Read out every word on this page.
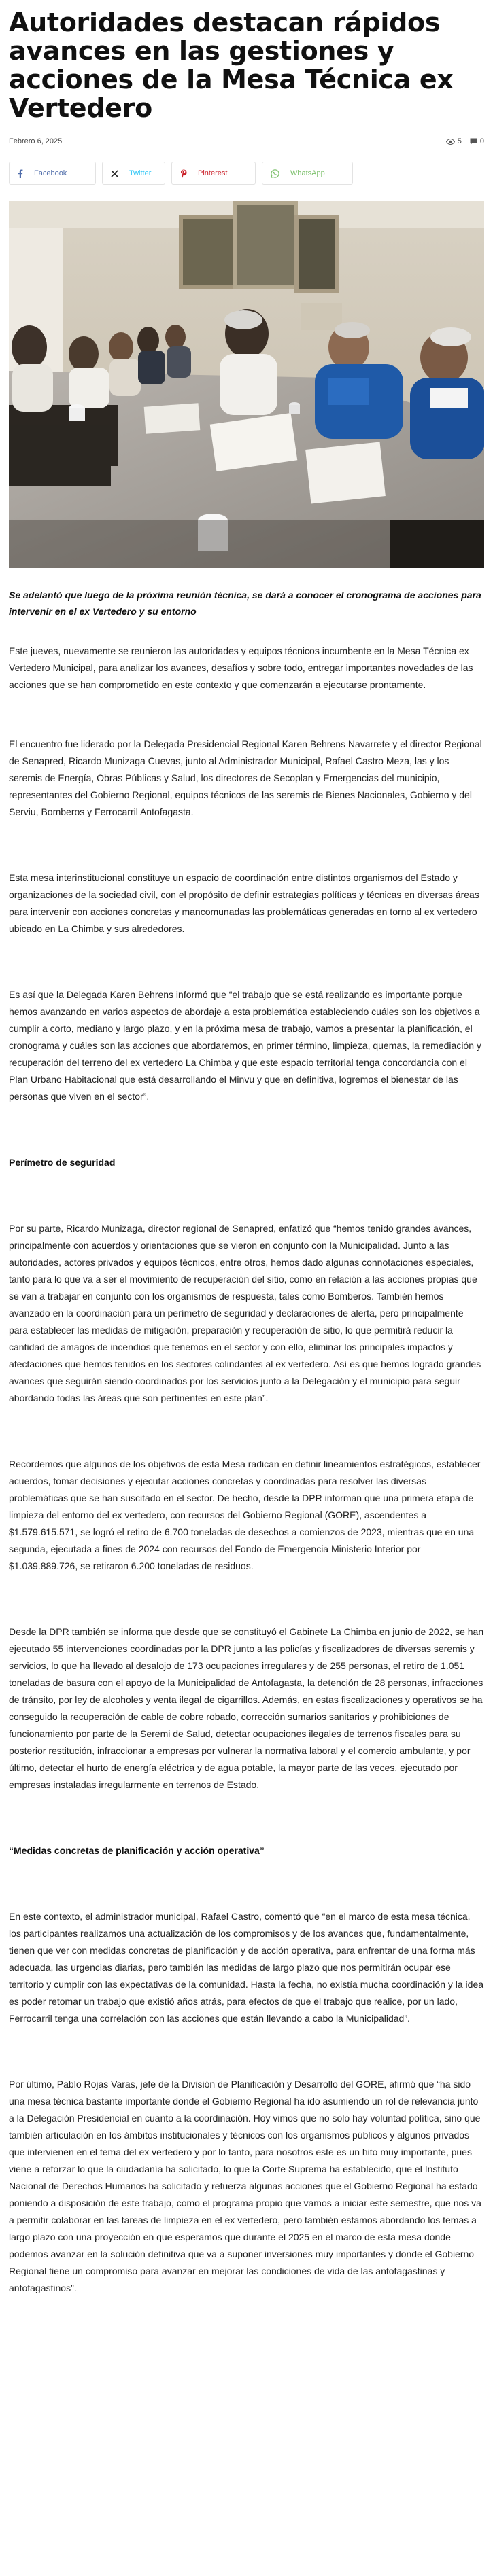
Autoridades destacan rápidos avances en las gestiones y acciones de la Mesa Técnica ex Vertedero
Febrero 6, 2025	5 0
Facebook	Twitter	Pinterest	WhatsApp

Se adelantó que luego de la próxima reunión técnica, se dará a conocer el cronograma de acciones para intervenir en el ex Vertedero y su entorno

Este jueves, nuevamente se reunieron las autoridades y equipos técnicos incumbente en la Mesa Técnica ex Vertedero Municipal, para analizar los avances, desafíos y sobre todo, entregar importantes novedades de las acciones que se han comprometido en este contexto y que comenzarán a ejecutarse prontamente.

El encuentro fue liderado por la Delegada Presidencial Regional Karen Behrens Navarrete y el director Regional de Senapred, Ricardo Munizaga Cuevas, junto al Administrador Municipal, Rafael Castro Meza, las y los seremis de Energía, Obras Públicas y Salud, los directores de Secoplan y Emergencias del municipio, representantes del Gobierno Regional, equipos técnicos de las seremis de Bienes Nacionales, Gobierno y del Serviu, Bomberos y Ferrocarril Antofagasta.

Esta mesa interinstitucional constituye un espacio de coordinación entre distintos organismos del Estado y organizaciones de la sociedad civil, con el propósito de definir estrategias políticas y técnicas en diversas áreas para intervenir con acciones concretas y mancomunadas las problemáticas generadas en torno al ex vertedero ubicado en La Chimba y sus alrededores.

Es así que la Delegada Karen Behrens informó que “el trabajo que se está realizando es importante porque hemos avanzando en varios aspectos de abordaje a esta problemática estableciendo cuáles son los objetivos a cumplir a corto, mediano y largo plazo, y en la próxima mesa de trabajo, vamos a presentar la planificación, el cronograma y cuáles son las acciones que abordaremos, en primer término, limpieza, quemas, la remediación y recuperación del terreno del ex vertedero La Chimba y que este espacio territorial tenga concordancia con el Plan Urbano Habitacional que está desarrollando el Minvu y que en definitiva, logremos el bienestar de las personas que viven en el sector”.

Perímetro de seguridad

Por su parte, Ricardo Munizaga, director regional de Senapred, enfatizó que “hemos tenido grandes avances, principalmente con acuerdos y orientaciones que se vieron en conjunto con la Municipalidad. Junto a las autoridades, actores privados y equipos técnicos, entre otros, hemos dado algunas connotaciones especiales, tanto para lo que va a ser el movimiento de recuperación del sitio, como en relación a las acciones propias que se van a trabajar en conjunto con los organismos de respuesta, tales como Bomberos. También hemos avanzado en la coordinación para un perímetro de seguridad y declaraciones de alerta, pero principalmente para establecer las medidas de mitigación, preparación y recuperación de sitio, lo que permitirá reducir la cantidad de amagos de incendios que tenemos en el sector y con ello, eliminar los principales impactos y afectaciones que hemos tenidos en los sectores colindantes al ex vertedero. Así es que hemos logrado grandes avances que seguirán siendo coordinados por los servicios junto a la Delegación y el municipio para seguir abordando todas las áreas que son pertinentes en este plan”.

Recordemos que algunos de los objetivos de esta Mesa radican en definir lineamientos estratégicos, establecer acuerdos, tomar decisiones y ejecutar acciones concretas y coordinadas para resolver las diversas problemáticas que se han suscitado en el sector. De hecho, desde la DPR informan que una primera etapa de limpieza del entorno del ex vertedero, con recursos del Gobierno Regional (GORE), ascendentes a $1.579.615.571, se logró el retiro de 6.700 toneladas de desechos a comienzos de 2023, mientras que en una segunda, ejecutada a fines de 2024 con recursos del Fondo de Emergencia Ministerio Interior por $1.039.889.726, se retiraron 6.200 toneladas de residuos.

Desde la DPR también se informa que desde que se constituyó el Gabinete La Chimba en junio de 2022, se han ejecutado 55 intervenciones coordinadas por la DPR junto a las policías y fiscalizadores de diversas seremis y servicios, lo que ha llevado al desalojo de 173 ocupaciones irregulares y de 255 personas, el retiro de 1.051 toneladas de basura con el apoyo de la Municipalidad de Antofagasta, la detención de 28 personas, infracciones de tránsito, por ley de alcoholes y venta ilegal de cigarrillos. Además, en estas fiscalizaciones y operativos se ha conseguido la recuperación de cable de cobre robado, corrección sumarios sanitarios y prohibiciones de funcionamiento por parte de la Seremi de Salud, detectar ocupaciones ilegales de terrenos fiscales para su posterior restitución, infraccionar a empresas por vulnerar la normativa laboral y el comercio ambulante, y por último, detectar el hurto de energía eléctrica y de agua potable, la mayor parte de las veces, ejecutado por empresas instaladas irregularmente en terrenos de Estado.

“Medidas concretas de planificación y acción operativa”

En este contexto, el administrador municipal, Rafael Castro, comentó que “en el marco de esta mesa técnica, los participantes realizamos una actualización de los compromisos y de los avances que, fundamentalmente, tienen que ver con medidas concretas de planificación y de acción operativa, para enfrentar de una forma más adecuada, las urgencias diarias, pero también las medidas de largo plazo que nos permitirán ocupar ese territorio y cumplir con las expectativas de la comunidad. Hasta la fecha, no existía mucha coordinación y la idea es poder retomar un trabajo que existió años atrás, para efectos de que el trabajo que realice, por un lado, Ferrocarril tenga una correlación con las acciones que están llevando a cabo la Municipalidad”.

Por último, Pablo Rojas Varas, jefe de la División de Planificación y Desarrollo del GORE, afirmó que “ha sido una mesa técnica bastante importante donde el Gobierno Regional ha ido asumiendo un rol de relevancia junto a la Delegación Presidencial en cuanto a la coordinación. Hoy vimos que no solo hay voluntad política, sino que también articulación en los ámbitos institucionales y técnicos con los organismos públicos y algunos privados que intervienen en el tema del ex vertedero y por lo tanto, para nosotros este es un hito muy importante, pues viene a reforzar lo que la ciudadanía ha solicitado, lo que la Corte Suprema ha establecido, que el Instituto Nacional de Derechos Humanos ha solicitado y refuerza algunas acciones que el Gobierno Regional ha estado poniendo a disposición de este trabajo, como el programa propio que vamos a iniciar este semestre, que nos va a permitir colaborar en las tareas de limpieza en el ex vertedero, pero también estamos abordando los temas a largo plazo con una proyección en que esperamos que durante el 2025 en el marco de esta mesa donde podemos avanzar en la solución definitiva que va a suponer inversiones muy importantes y donde el Gobierno Regional tiene un compromiso para avanzar en mejorar las condiciones de vida de las antofagastinas y antofagastinos”.
